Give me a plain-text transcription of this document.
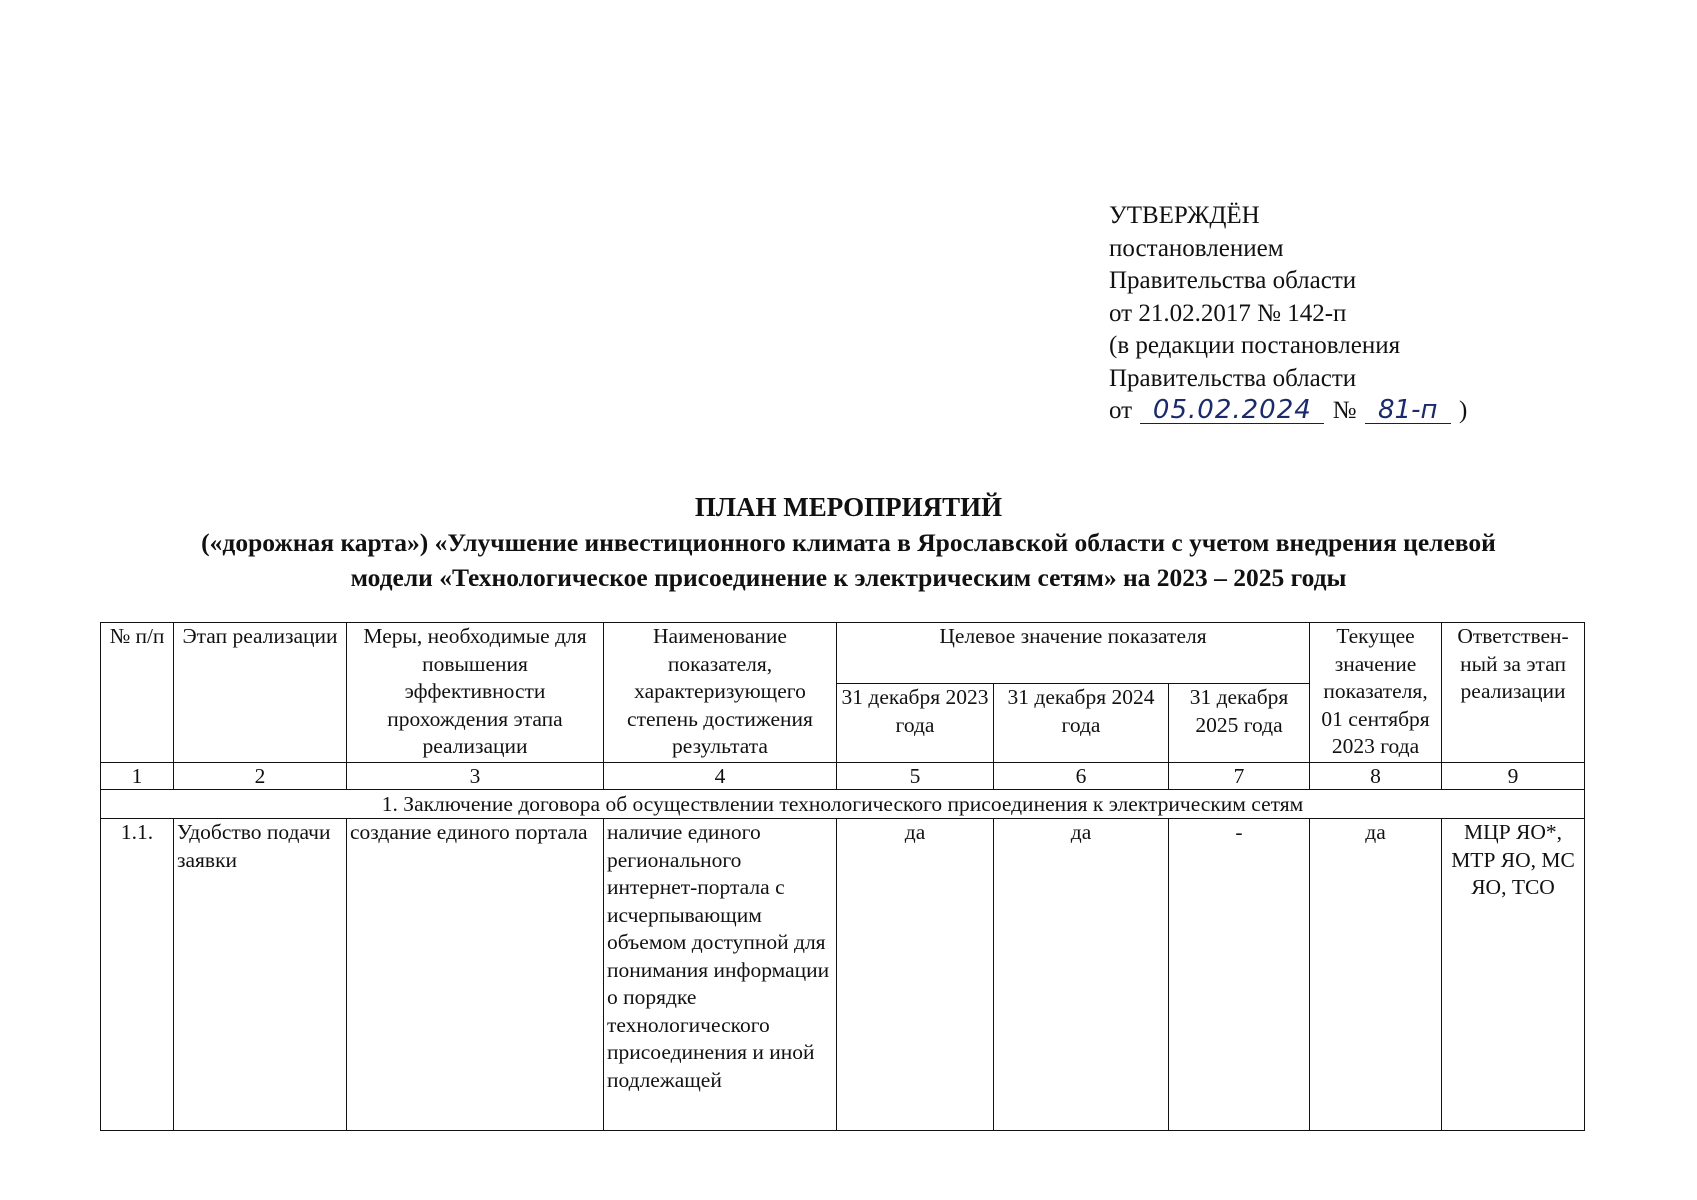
УТВЕРЖДЁН
постановлением
Правительства области
от 21.02.2017 № 142-п
(в редакции постановления
Правительства области
от 05.02.2024 № 81-п )
ПЛАН МЕРОПРИЯТИЙ
(«дорожная карта») «Улучшение инвестиционного климата в Ярославской области с учетом внедрения целевой
модели «Технологическое присоединение к электрическим сетям» на 2023 – 2025 годы
№ п/п	Этап реализации	Меры, необходимые для повышения эффективности прохождения этапа реализации	Наименование показателя, характеризующего степень достижения результата	Целевое значение показателя			Текущее значение показателя, 01 сентября 2023 года	Ответствен-ный за этап реализации
				31 декабря 2023 года	31 декабря 2024 года	31 декабря 2025 года		
1	2	3	4	5	6	7	8	9
1. Заключение договора об осуществлении технологического присоединения к электрическим сетям								
1.1.	Удобство подачи заявки	создание единого портала	наличие единого регионального интернет-портала с исчерпывающим объемом доступной для понимания информации о порядке технологического присоединения и иной подлежащей	да	да	-	да	МЦР ЯО*, МТР ЯО, МС ЯО, ТСО
